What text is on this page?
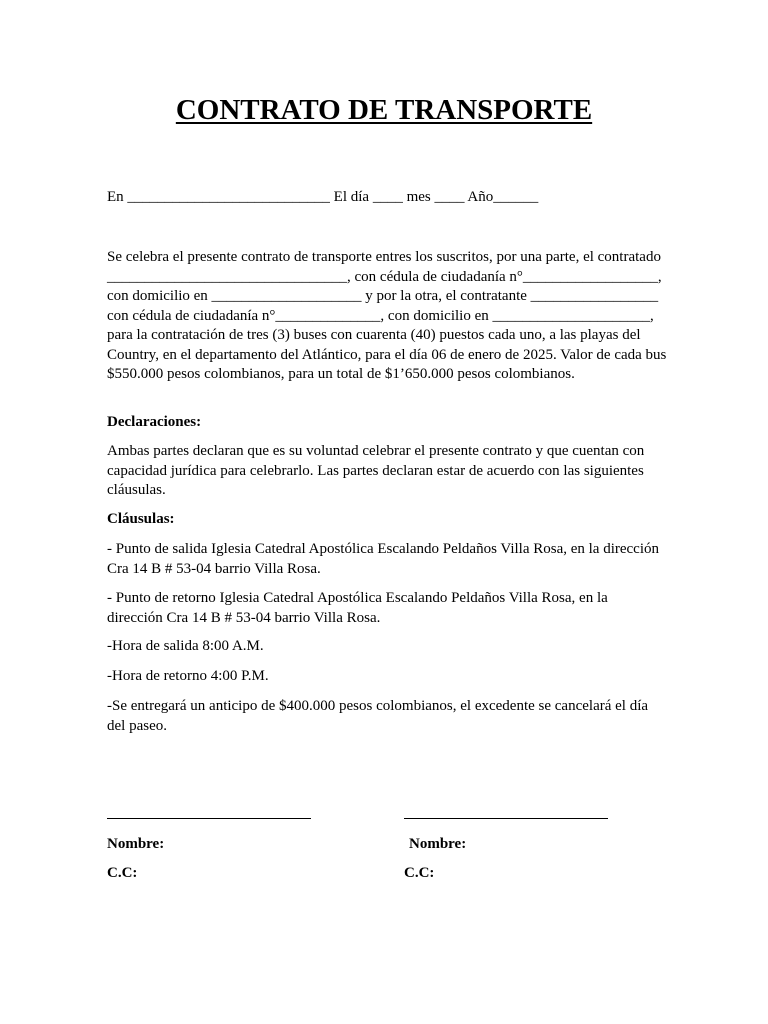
CONTRATO DE TRANSPORTE

En ___________________________ El día ____ mes ____ Año______

Se celebra el presente contrato de transporte entres los suscritos, por una parte, el contratado ________________________________, con cédula de ciudadanía n°__________________, con domicilio en ____________________ y por la otra, el contratante _________________ con cédula de ciudadanía n°______________, con domicilio en _____________________, para la contratación de tres (3) buses con cuarenta (40) puestos cada uno, a las playas del Country, en el departamento del Atlántico, para el día 06 de enero de 2025. Valor de cada bus $550.000 pesos colombianos, para un total de $1’650.000 pesos colombianos.

Declaraciones:

Ambas partes declaran que es su voluntad celebrar el presente contrato y que cuentan con capacidad jurídica para celebrarlo. Las partes declaran estar de acuerdo con las siguientes cláusulas.

Cláusulas:

- Punto de salida Iglesia Catedral Apostólica Escalando Peldaños Villa Rosa, en la dirección Cra 14 B # 53-04 barrio Villa Rosa.

- Punto de retorno Iglesia Catedral Apostólica Escalando Peldaños Villa Rosa, en la dirección Cra 14 B # 53-04 barrio Villa Rosa.

-Hora de salida 8:00 A.M.

-Hora de retorno 4:00 P.M.

-Se entregará un anticipo de $400.000 pesos colombianos, el excedente se cancelará el día del paseo.

Nombre:	Nombre:
C.C:	C.C:
